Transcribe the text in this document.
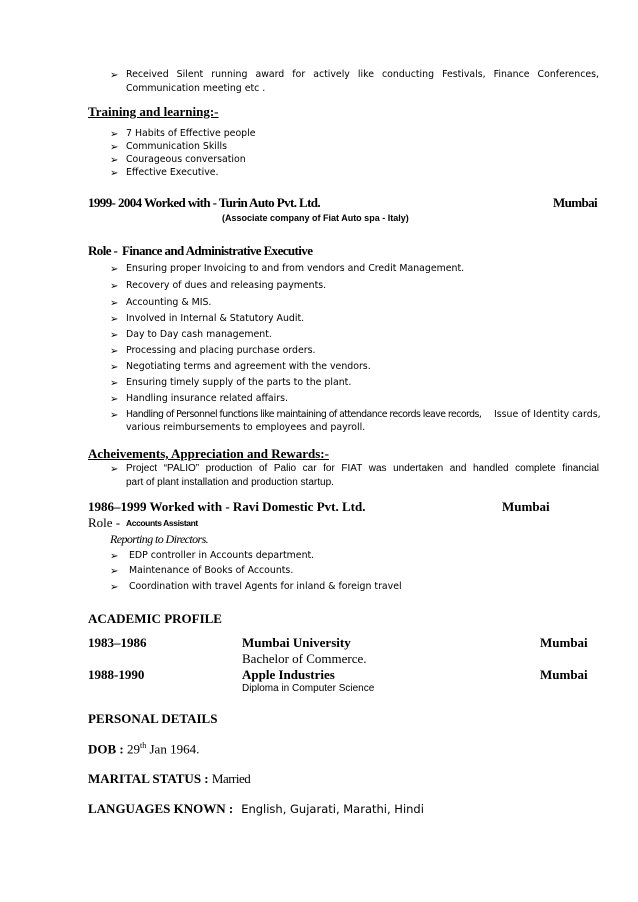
➢ Received Silent running award for actively like conducting Festivals, Finance Conferences,
Communication meeting etc .
Training and learning:-
➢ 7 Habits of Effective people
➢ Communication Skills
➢ Courageous conversation
➢ Effective Executive.
1999- 2004 Worked with - Turin Auto Pvt. Ltd.	Mumbai
(Associate company of Fiat Auto spa - Italy)
Role - Finance and Administrative Executive
➢ Ensuring proper Invoicing to and from vendors and Credit Management.
➢ Recovery of dues and releasing payments.
➢ Accounting & MIS.
➢ Involved in Internal & Statutory Audit.
➢ Day to Day cash management.
➢ Processing and placing purchase orders.
➢ Negotiating terms and agreement with the vendors.
➢ Ensuring timely supply of the parts to the plant.
➢ Handling insurance related affairs.
➢ Handling of Personnel functions like maintaining of attendance records leave records, Issue of Identity cards,
various reimbursements to employees and payroll.
Acheivements, Appreciation and Rewards:-
➢ Project “PALIO” production of Palio car for FIAT was undertaken and handled complete financial
part of plant installation and production startup.
1986–1999 Worked with - Ravi Domestic Pvt. Ltd.	Mumbai
Role - Accounts Assistant
Reporting to Directors.
➢ EDP controller in Accounts department.
➢ Maintenance of Books of Accounts.
➢ Coordination with travel Agents for inland & foreign travel
ACADEMIC PROFILE
1983–1986	Mumbai University	Mumbai
Bachelor of Commerce.
1988-1990	Apple Industries	Mumbai
Diploma in Computer Science
PERSONAL DETAILS
DOB : 29th Jan 1964.
MARITAL STATUS : Married
LANGUAGES KNOWN : English, Gujarati, Marathi, Hindi
